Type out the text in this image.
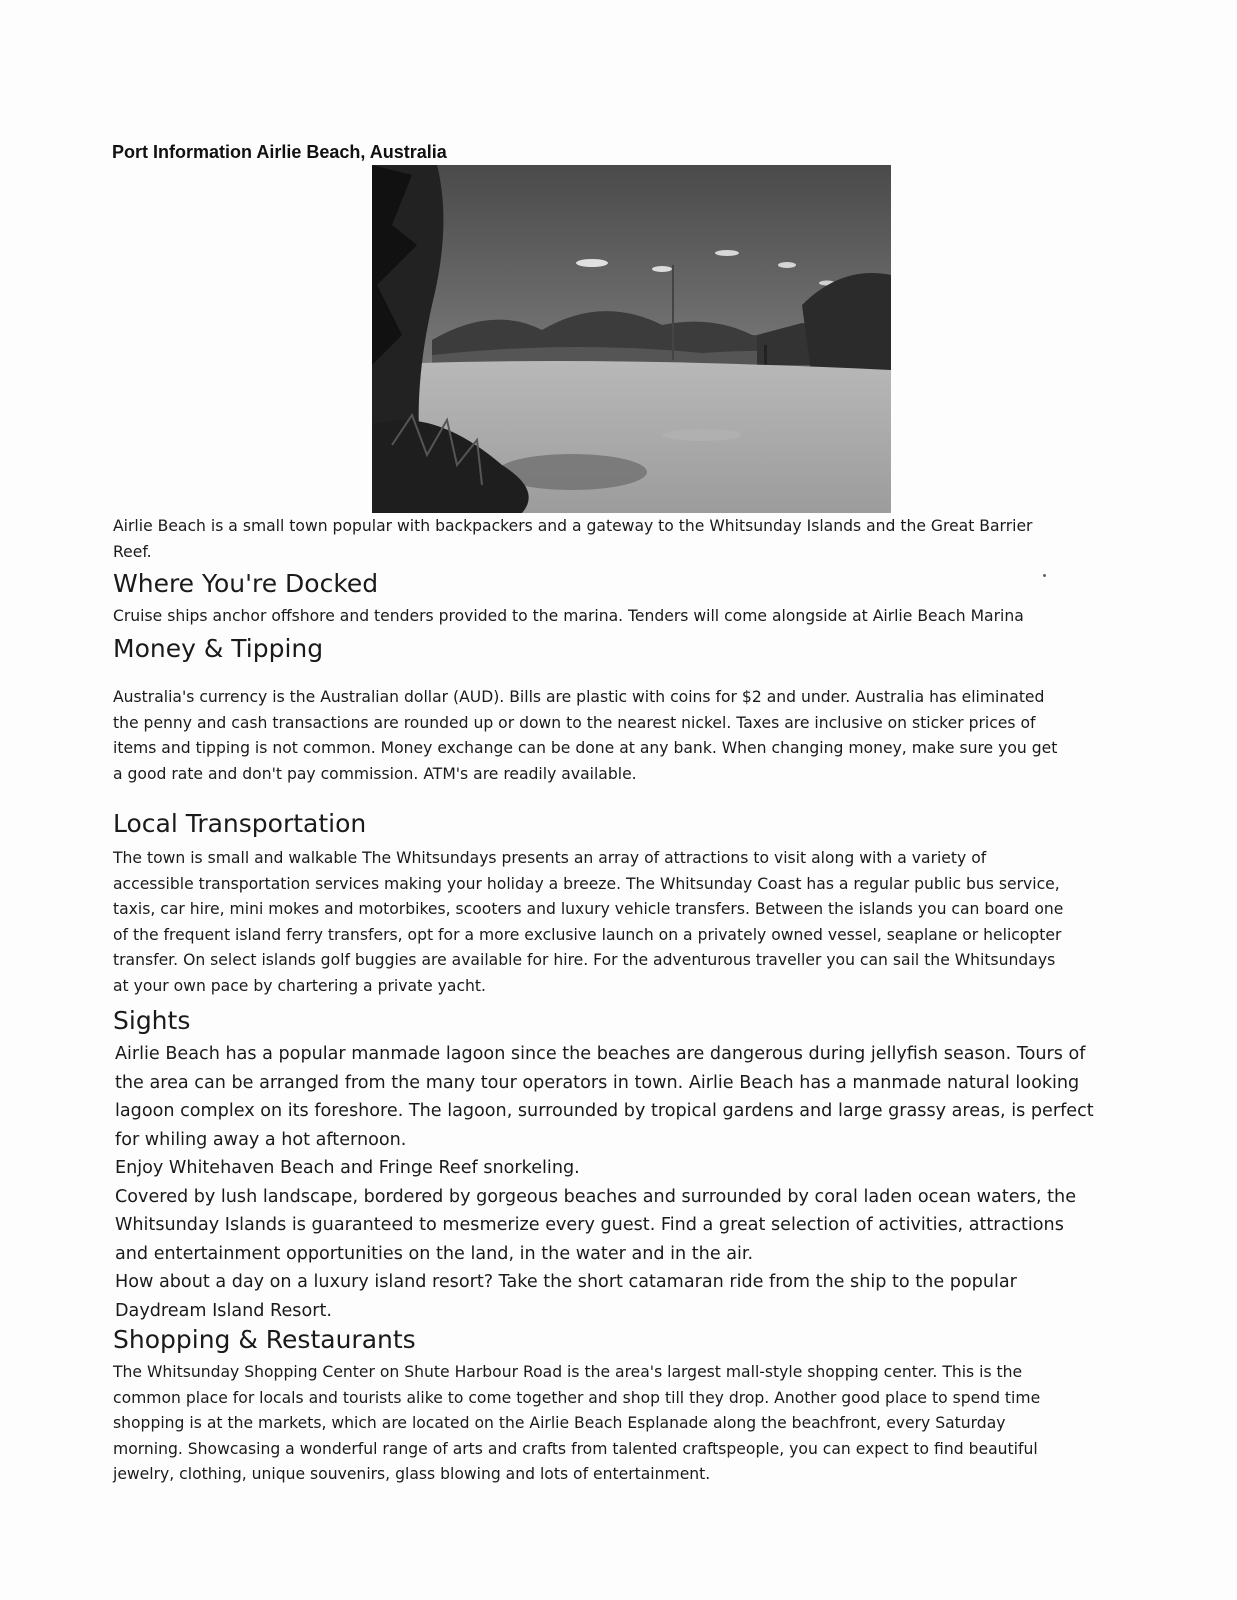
Port Information Airlie Beach, Australia
Airlie Beach is a small town popular with backpackers and a gateway to the Whitsunday Islands and the Great Barrier
Reef.
Where You're Docked
Cruise ships anchor offshore and tenders provided to the marina. Tenders will come alongside at Airlie Beach Marina
Money & Tipping
Australia's currency is the Australian dollar (AUD). Bills are plastic with coins for $2 and under. Australia has eliminated
the penny and cash transactions are rounded up or down to the nearest nickel. Taxes are inclusive on sticker prices of
items and tipping is not common. Money exchange can be done at any bank. When changing money, make sure you get
a good rate and don't pay commission. ATM's are readily available.
Local Transportation
The town is small and walkable The Whitsundays presents an array of attractions to visit along with a variety of
accessible transportation services making your holiday a breeze. The Whitsunday Coast has a regular public bus service,
taxis, car hire, mini mokes and motorbikes, scooters and luxury vehicle transfers. Between the islands you can board one
of the frequent island ferry transfers, opt for a more exclusive launch on a privately owned vessel, seaplane or helicopter
transfer. On select islands golf buggies are available for hire. For the adventurous traveller you can sail the Whitsundays
at your own pace by chartering a private yacht.
Sights
Airlie Beach has a popular manmade lagoon since the beaches are dangerous during jellyfish season. Tours of
the area can be arranged from the many tour operators in town. Airlie Beach has a manmade natural looking
lagoon complex on its foreshore. The lagoon, surrounded by tropical gardens and large grassy areas, is perfect
for whiling away a hot afternoon.
Enjoy Whitehaven Beach and Fringe Reef snorkeling.
Covered by lush landscape, bordered by gorgeous beaches and surrounded by coral laden ocean waters, the
Whitsunday Islands is guaranteed to mesmerize every guest. Find a great selection of activities, attractions
and entertainment opportunities on the land, in the water and in the air.
How about a day on a luxury island resort? Take the short catamaran ride from the ship to the popular
Daydream Island Resort.
Shopping & Restaurants
The Whitsunday Shopping Center on Shute Harbour Road is the area's largest mall-style shopping center. This is the
common place for locals and tourists alike to come together and shop till they drop. Another good place to spend time
shopping is at the markets, which are located on the Airlie Beach Esplanade along the beachfront, every Saturday
morning. Showcasing a wonderful range of arts and crafts from talented craftspeople, you can expect to find beautiful
jewelry, clothing, unique souvenirs, glass blowing and lots of entertainment.
